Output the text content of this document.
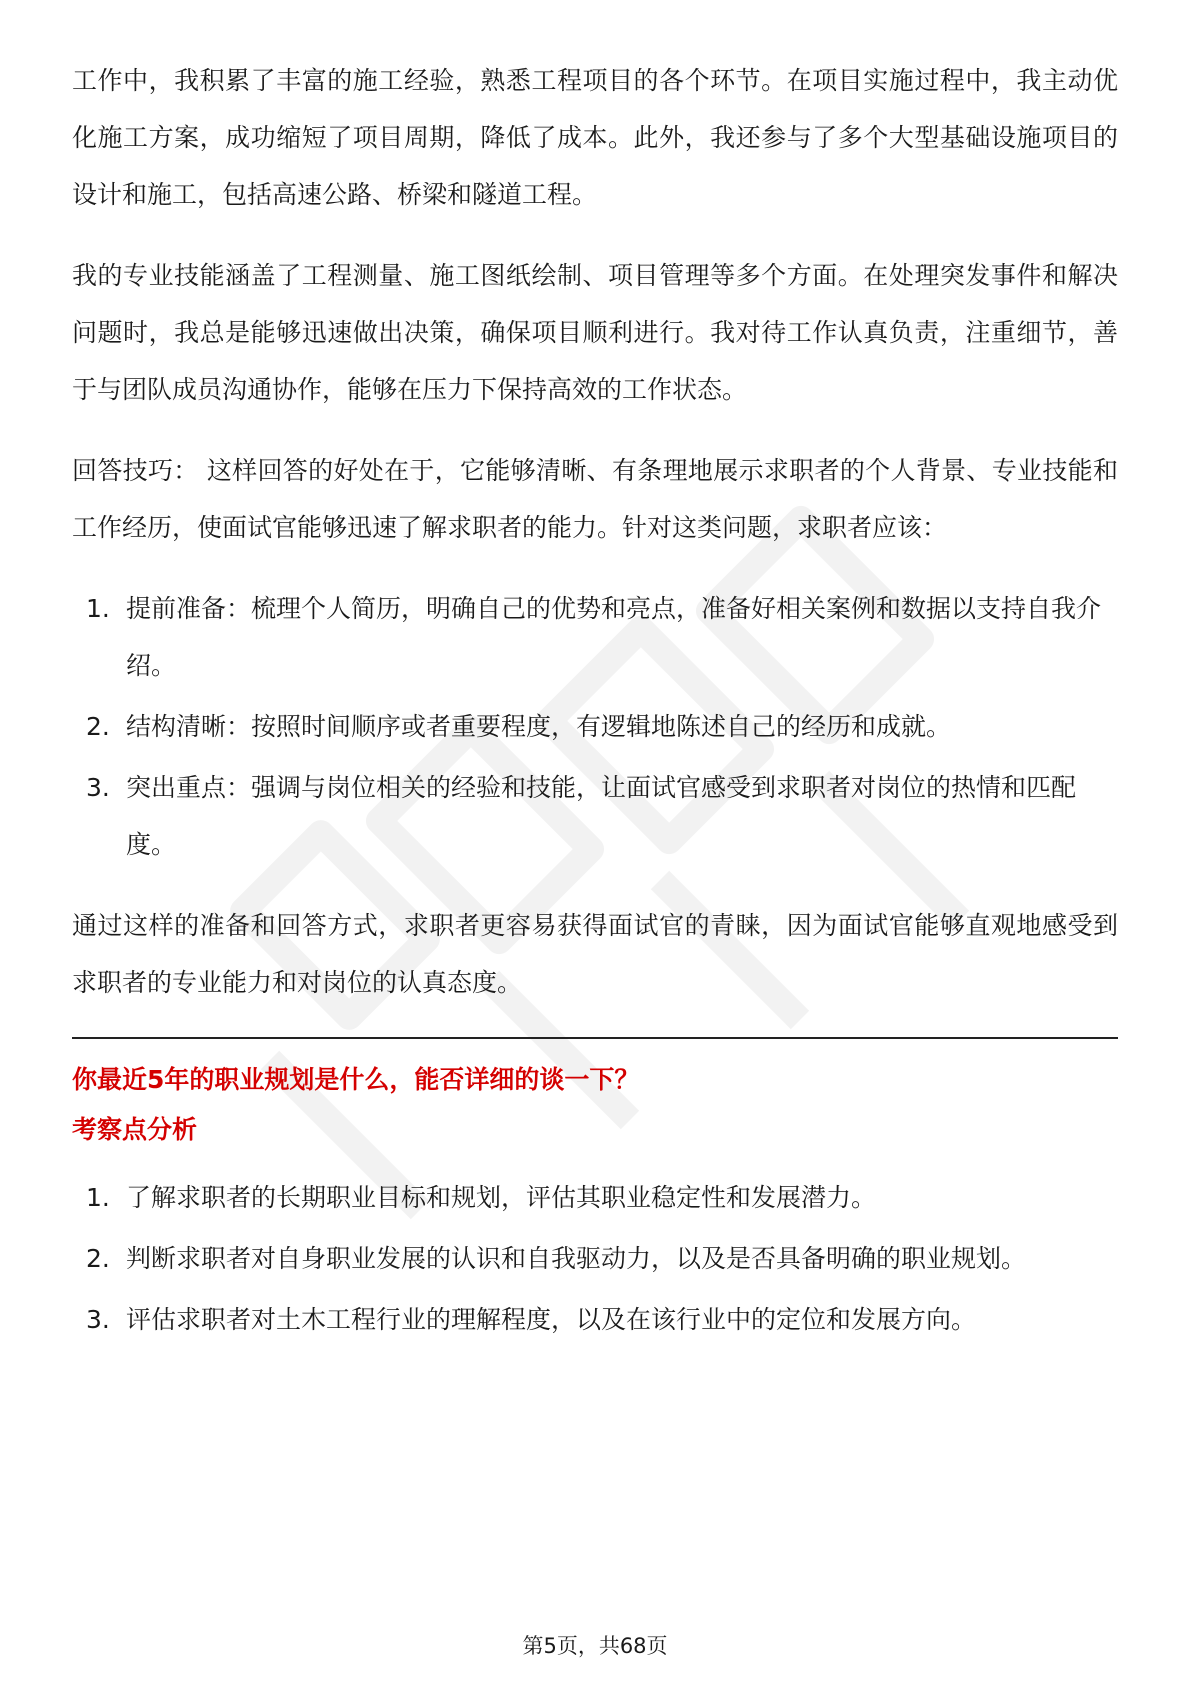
工作中，我积累了丰富的施工经验，熟悉工程项目的各个环节。在项目实施过程中，我主动优化施工方案，成功缩短了项目周期，降低了成本。此外，我还参与了多个大型基础设施项目的设计和施工，包括高速公路、桥梁和隧道工程。

我的专业技能涵盖了工程测量、施工图纸绘制、项目管理等多个方面。在处理突发事件和解决问题时，我总是能够迅速做出决策，确保项目顺利进行。我对待工作认真负责，注重细节，善于与团队成员沟通协作，能够在压力下保持高效的工作状态。

回答技巧： 这样回答的好处在于，它能够清晰、有条理地展示求职者的个人背景、专业技能和工作经历，使面试官能够迅速了解求职者的能力。针对这类问题，求职者应该：

1. 提前准备：梳理个人简历，明确自己的优势和亮点，准备好相关案例和数据以支持自我介绍。
2. 结构清晰：按照时间顺序或者重要程度，有逻辑地陈述自己的经历和成就。
3. 突出重点：强调与岗位相关的经验和技能，让面试官感受到求职者对岗位的热情和匹配度。

通过这样的准备和回答方式，求职者更容易获得面试官的青睐，因为面试官能够直观地感受到求职者的专业能力和对岗位的认真态度。

你最近5年的职业规划是什么，能否详细的谈一下？

考察点分析

1. 了解求职者的长期职业目标和规划，评估其职业稳定性和发展潜力。
2. 判断求职者对自身职业发展的认识和自我驱动力，以及是否具备明确的职业规划。
3. 评估求职者对土木工程行业的理解程度，以及在该行业中的定位和发展方向。
第5页，共68页
